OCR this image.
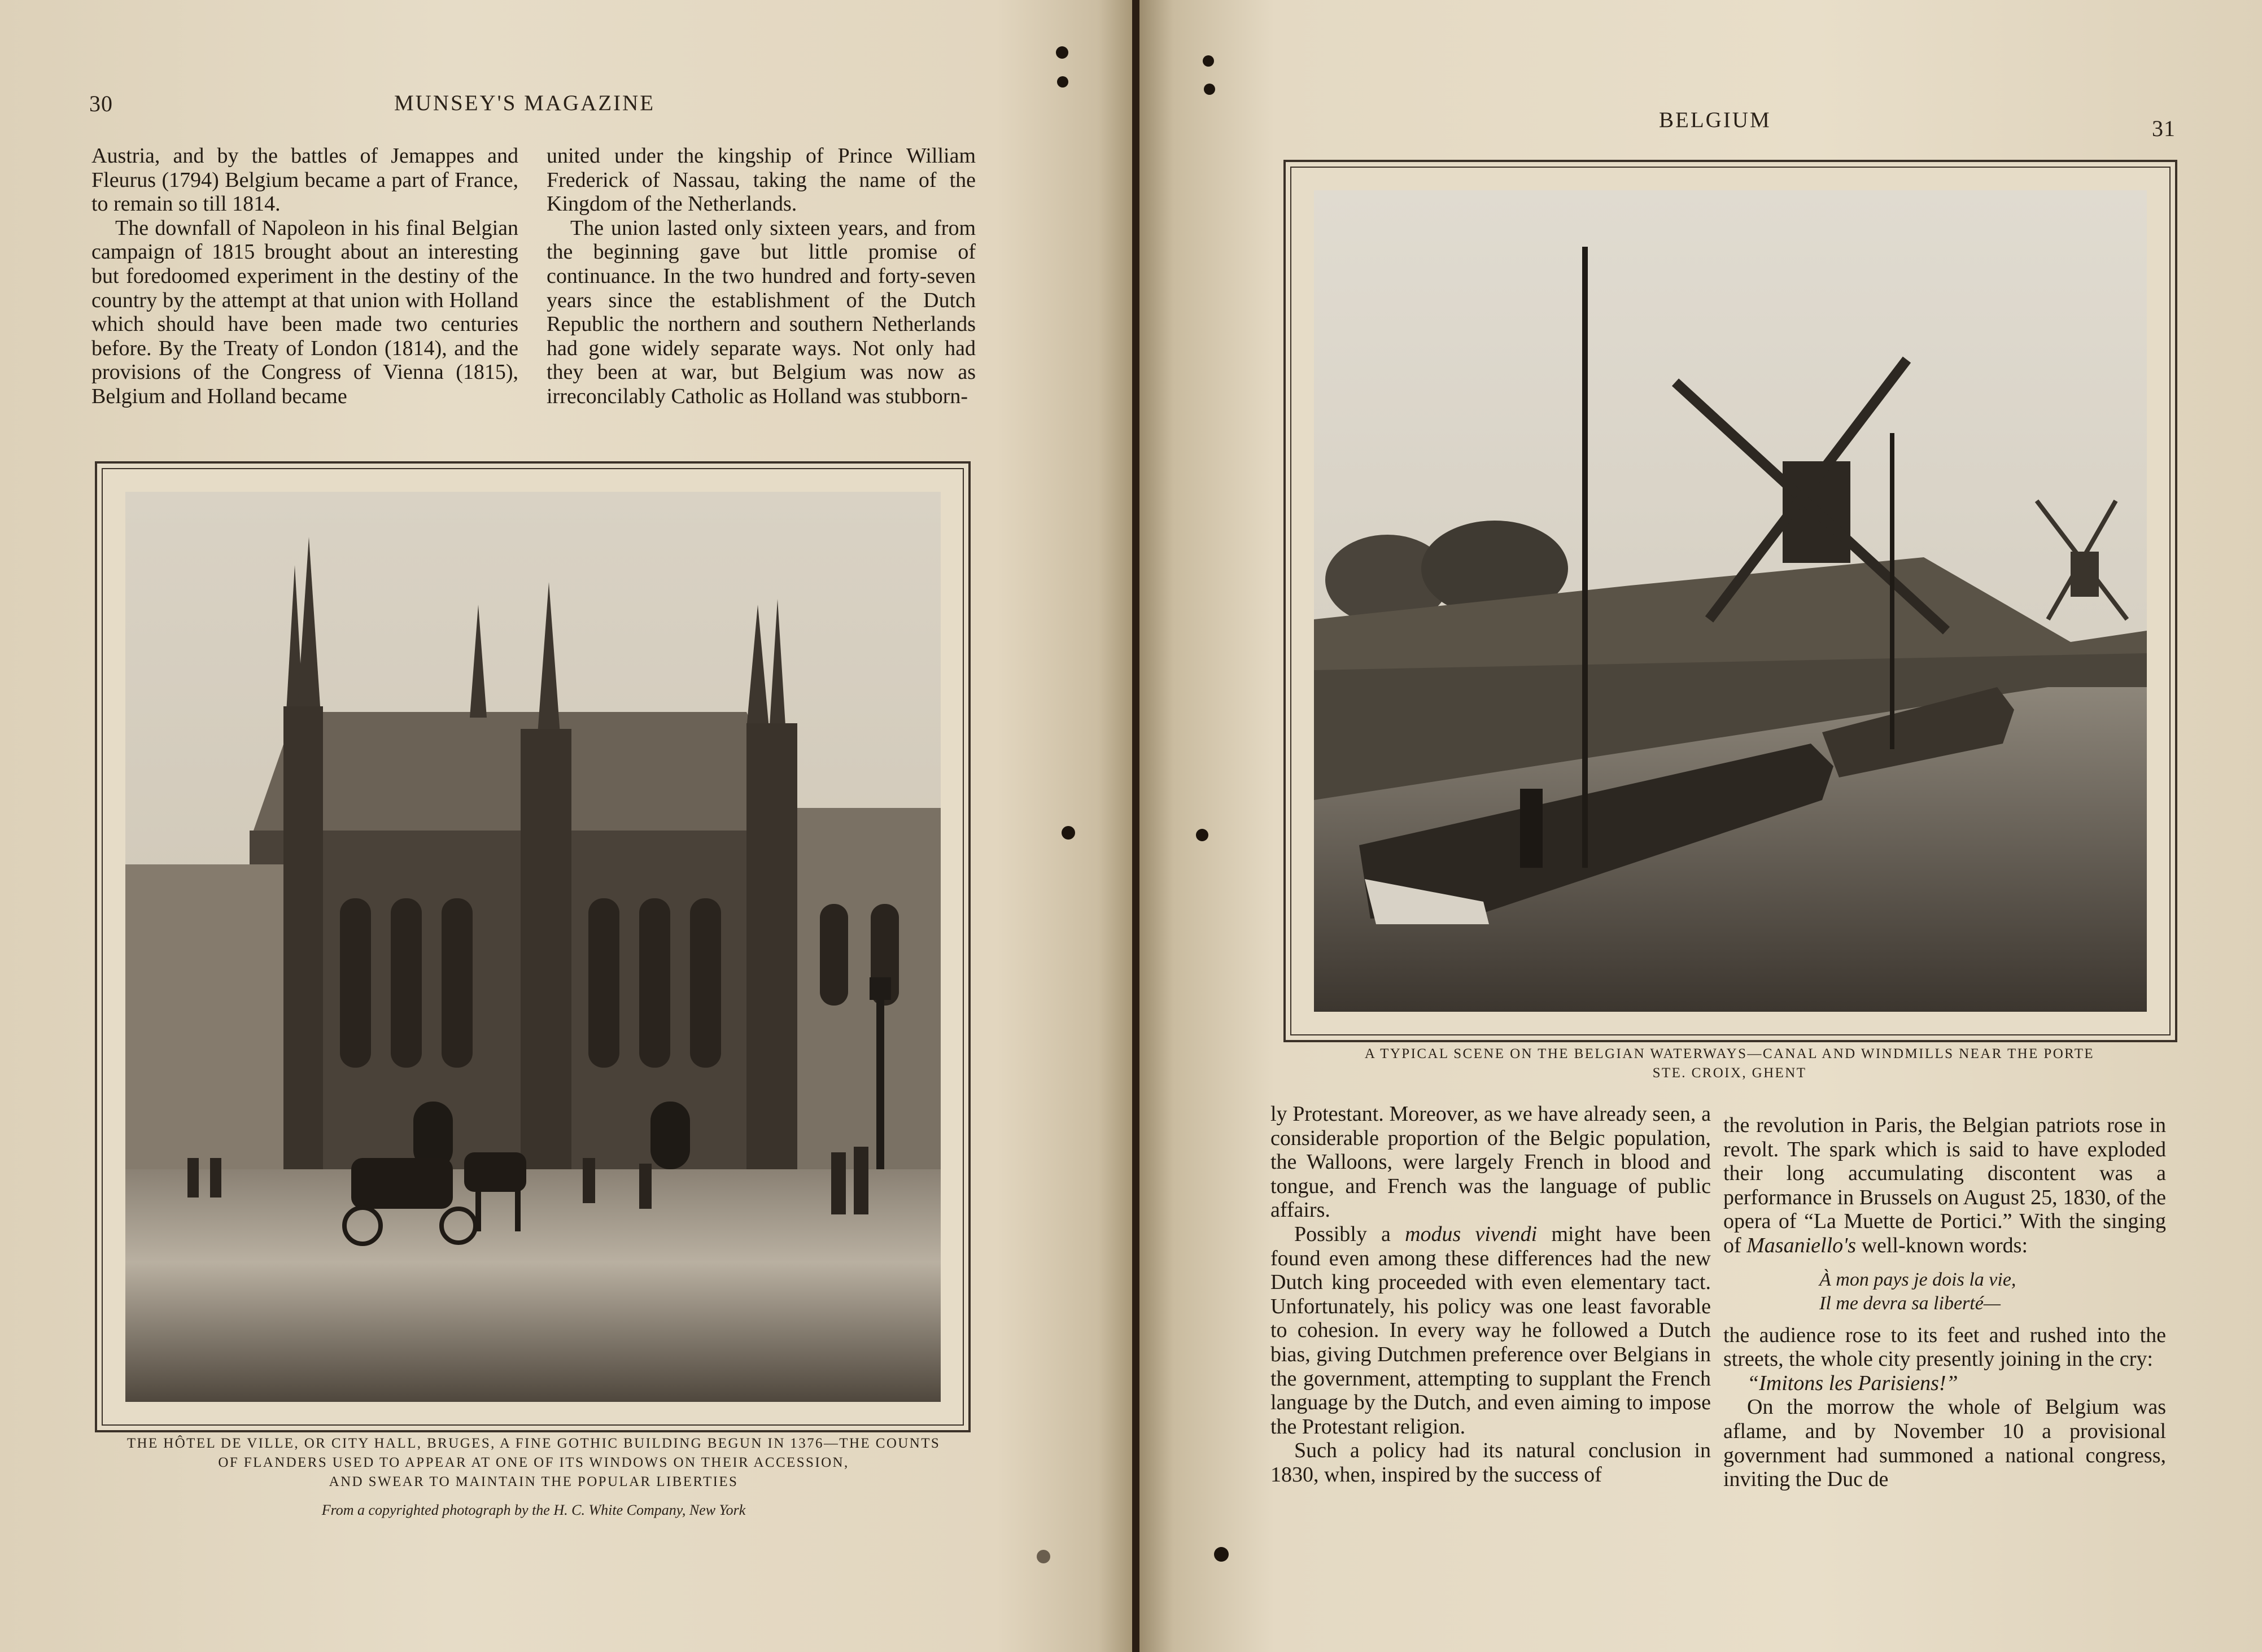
30	MUNSEY'S MAGAZINE

Austria, and by the battles of Jemappes and Fleurus (1794) Belgium became a part of France, to remain so till 1814.

The downfall of Napoleon in his final Belgian campaign of 1815 brought about an interesting but foredoomed experiment in the destiny of the country by the attempt at that union with Holland which should have been made two centuries before. By the Treaty of London (1814), and the provisions of the Congress of Vienna (1815), Belgium and Holland became

united under the kingship of Prince William Frederick of Nassau, taking the name of the Kingdom of the Netherlands.

The union lasted only sixteen years, and from the beginning gave but little promise of continuance. In the two hundred and forty-seven years since the establishment of the Dutch Republic the northern and southern Netherlands had gone widely separate ways. Not only had they been at war, but Belgium was now as irreconcilably Catholic as Holland was stubborn-

THE HÔTEL DE VILLE, OR CITY HALL, BRUGES, A FINE GOTHIC BUILDING BEGUN IN 1376—THE COUNTS
OF FLANDERS USED TO APPEAR AT ONE OF ITS WINDOWS ON THEIR ACCESSION,
AND SWEAR TO MAINTAIN THE POPULAR LIBERTIES
From a copyrighted photograph by the H. C. White Company, New York
BELGIUM	31
A TYPICAL SCENE ON THE BELGIAN WATERWAYS—CANAL AND WINDMILLS NEAR THE PORTE
STE. CROIX, GHENT

ly Protestant. Moreover, as we have already seen, a considerable proportion of the Belgic population, the Walloons, were largely French in blood and tongue, and French was the language of public affairs.

Possibly a modus vivendi might have been found even among these differences had the new Dutch king proceeded with even elementary tact. Unfortunately, his policy was one least favorable to cohesion. In every way he followed a Dutch bias, giving Dutchmen preference over Belgians in the government, attempting to supplant the French language by the Dutch, and even aiming to impose the Protestant religion.

Such a policy had its natural conclusion in 1830, when, inspired by the success of

the revolution in Paris, the Belgian patriots rose in revolt. The spark which is said to have exploded their long accumulating discontent was a performance in Brussels on August 25, 1830, of the opera of “La Muette de Portici.” With the singing of Masaniello's well-known words:

À mon pays je dois la vie,
Il me devra sa liberté—

the audience rose to its feet and rushed into the streets, the whole city presently joining in the cry:

“Imitons les Parisiens!”

On the morrow the whole of Belgium was aflame, and by November 10 a provisional government had summoned a national congress, inviting the Duc de
